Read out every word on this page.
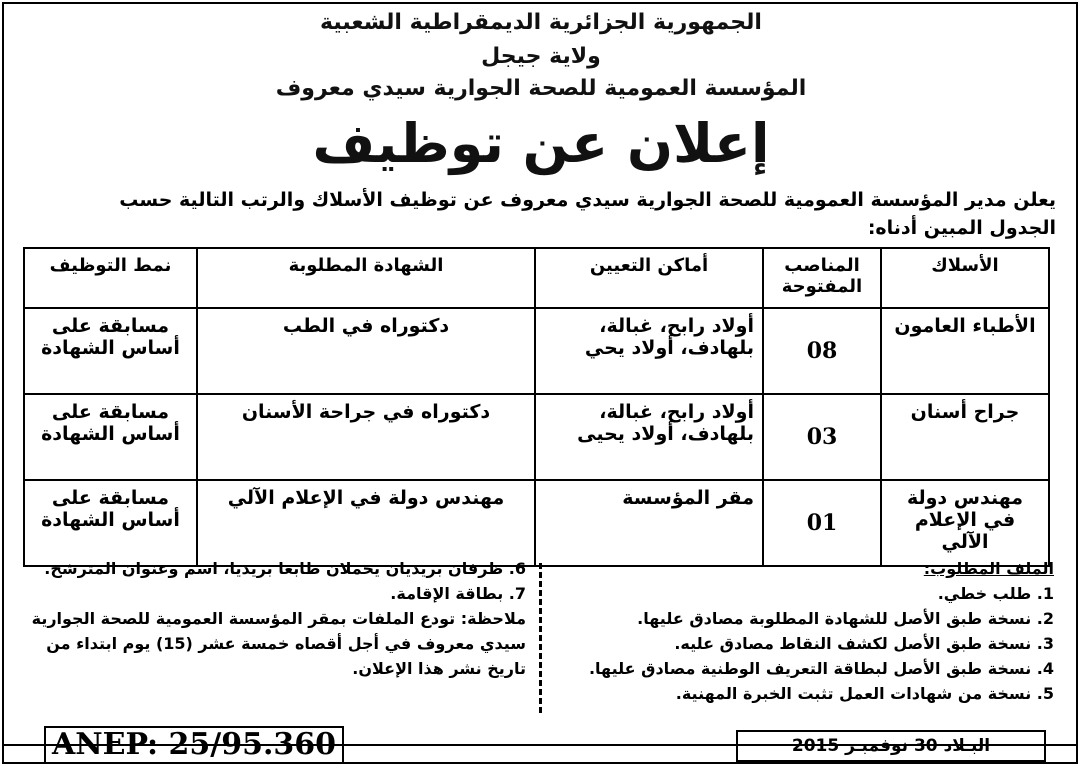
الجمهورية الجزائرية الديمقراطية الشعبية
ولاية جيجل
المؤسسة العمومية للصحة الجوارية سيدي معروف
إعلان عن توظيف
يعلن مدير المؤسسة العمومية للصحة الجوارية سيدي معروف عن توظيف الأسلاك والرتب التالية حسب
الجدول المبين أدناه:
الأسلاك	المناصب المفتوحة	أماكن التعيين	الشهادة المطلوبة	نمط التوظيف
الأطباء العامون	08	أولاد رابح، غبالة، بلهادف، أولاد يحي	دكتوراه في الطب	مسابقة على أساس الشهادة
جراح أسنان	03	أولاد رابح، غبالة، بلهادف، أولاد يحيى	دكتوراه في جراحة الأسنان	مسابقة على أساس الشهادة
مهندس دولة في الإعلام الآلي	01	مقر المؤسسة	مهندس دولة في الإعلام الآلي	مسابقة على أساس الشهادة
الملف المطلوب:
1. طلب خطي.
2. نسخة طبق الأصل للشهادة المطلوبة مصادق عليها.
3. نسخة طبق الأصل لكشف النقاط مصادق عليه.
4. نسخة طبق الأصل لبطاقة التعريف الوطنية مصادق عليها.
5. نسخة من شهادات العمل تثبت الخبرة المهنية.
6. ظرفان بريديان يحملان طابعا بريديا، اسم وعنوان المترشح.
7. بطاقة الإقامة.
ملاحظة: تودع الملفات بمقر المؤسسة العمومية للصحة الجوارية سيدي معروف في أجل أقصاه خمسة عشر (15) يوم ابتداء من تاريخ نشر هذا الإعلان.
ANEP: 25/95.360	البـلاد 30 نوفمبـر 2015
